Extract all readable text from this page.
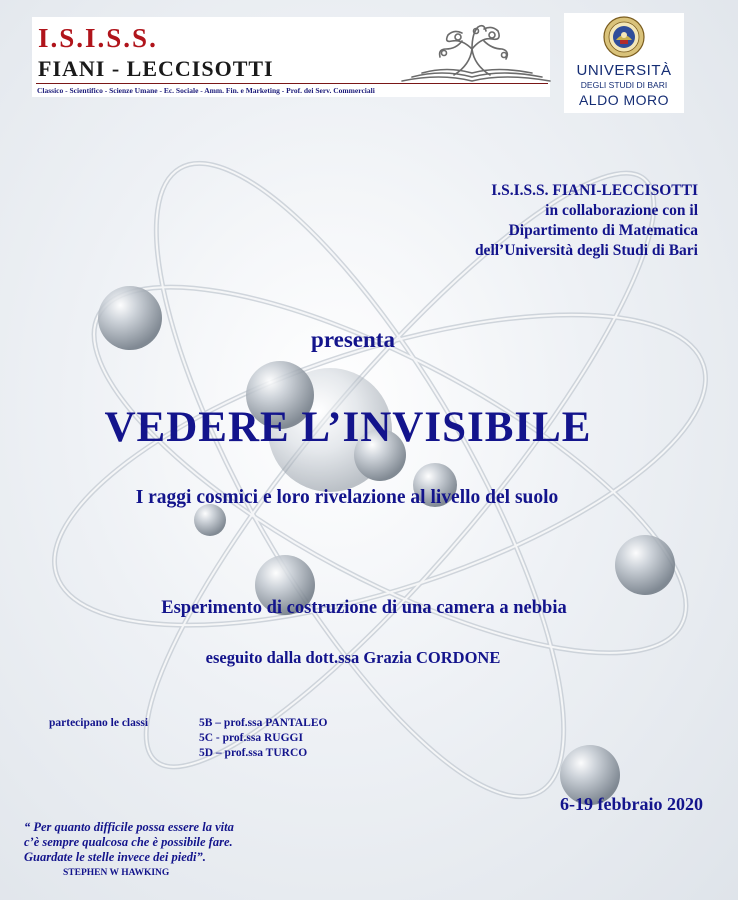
I.S.I.S.S.
FIANI - LECCISOTTI
Classico - Scientifico - Scienze Umane - Ec. Sociale - Amm. Fin. e Marketing - Prof. dei Serv. Commerciali
UNIVERSITÀ
DEGLI STUDI DI BARI
ALDO MORO
I.S.I.S.S. FIANI-LECCISOTTI
in collaborazione con il
Dipartimento di Matematica
dell’Università degli Studi di Bari
presenta
VEDERE L’INVISIBILE
I raggi cosmici e loro rivelazione al livello del suolo
Esperimento di costruzione di una camera a nebbia
eseguito dalla dott.ssa Grazia CORDONE
partecipano le classi	5B – prof.ssa PANTALEO
5C - prof.ssa RUGGI
5D – prof.ssa TURCO
6-19 febbraio 2020
“ Per quanto difficile possa essere la vita
c’è sempre qualcosa che è possibile fare.
Guardate le stelle invece dei piedi”.
STEPHEN W HAWKING
